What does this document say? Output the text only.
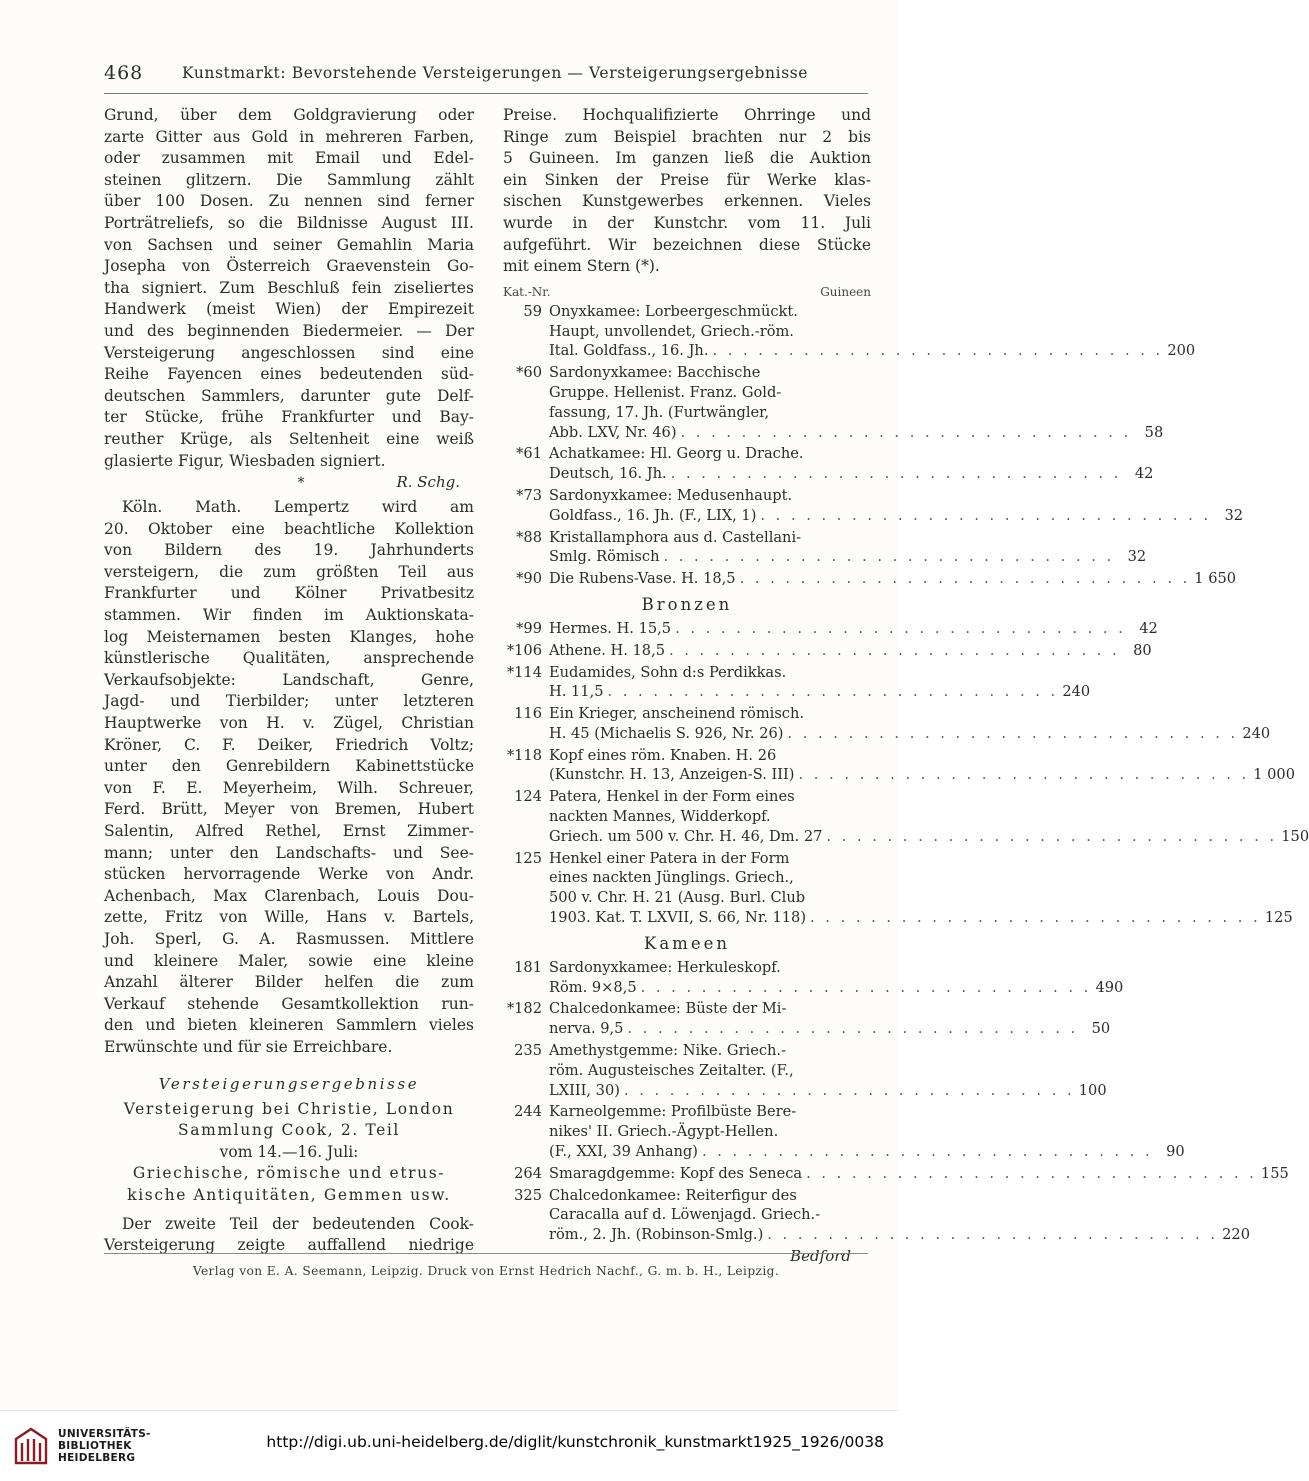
468 Kunstmarkt: Bevorstehende Versteigerungen — Versteigerungsergebnisse
Grund, über dem Goldgravierung oder
zarte Gitter aus Gold in mehreren Farben,
oder zusammen mit Email und Edel-
steinen glitzern. Die Sammlung zählt
über 100 Dosen. Zu nennen sind ferner
Porträtreliefs, so die Bildnisse August III.
von Sachsen und seiner Gemahlin Maria
Josepha von Österreich Graevenstein Go-
tha signiert. Zum Beschluß fein ziseliertes
Handwerk (meist Wien) der Empirezeit
und des beginnenden Biedermeier. — Der
Versteigerung angeschlossen sind eine
Reihe Fayencen eines bedeutenden süd-
deutschen Sammlers, darunter gute Delf-
ter Stücke, frühe Frankfurter und Bay-
reuther Krüge, als Seltenheit eine weiß
glasierte Figur, Wiesbaden signiert.
*	R. Schg.
Köln. Math. Lempertz wird am
20. Oktober eine beachtliche Kollektion
von Bildern des 19. Jahrhunderts
versteigern, die zum größten Teil aus
Frankfurter und Kölner Privatbesitz
stammen. Wir finden im Auktionskata-
log Meisternamen besten Klanges, hohe
künstlerische Qualitäten, ansprechende
Verkaufsobjekte: Landschaft, Genre,
Jagd- und Tierbilder; unter letzteren
Hauptwerke von H. v. Zügel, Christian
Kröner, C. F. Deiker, Friedrich Voltz;
unter den Genrebildern Kabinettstücke
von F. E. Meyerheim, Wilh. Schreuer,
Ferd. Brütt, Meyer von Bremen, Hubert
Salentin, Alfred Rethel, Ernst Zimmer-
mann; unter den Landschafts- und See-
stücken hervorragende Werke von Andr.
Achenbach, Max Clarenbach, Louis Dou-
zette, Fritz von Wille, Hans v. Bartels,
Joh. Sperl, G. A. Rasmussen. Mittlere
und kleinere Maler, sowie eine kleine
Anzahl älterer Bilder helfen die zum
Verkauf stehende Gesamtkollektion run-
den und bieten kleineren Sammlern vieles
Erwünschte und für sie Erreichbare.
Versteigerungsergebnisse

Versteigerung bei Christie, London

Sammlung Cook, 2. Teil

vom 14.—16. Juli:

Griechische, römische und etrus-

kische Antiquitäten, Gemmen usw.

Der zweite Teil der bedeutenden Cook-
Versteigerung zeigte auffallend niedrige
Preise. Hochqualifizierte Ohrringe und
Ringe zum Beispiel brachten nur 2 bis
5 Guineen. Im ganzen ließ die Auktion
ein Sinken der Preise für Werke klas-
sischen Kunstgewerbes erkennen. Vieles
wurde in der Kunstchr. vom 11. Juli
aufgeführt. Wir bezeichnen diese Stücke
mit einem Stern (*).
Kat.-Nr.	Guineen
59 Onyxkamee: Lorbeergeschmückt.
Haupt, unvollendet, Griech.-röm.
Ital. Goldfass., 16. Jh. . . . . . . . . . . . . . . . . . . . . . . . . . . . . . . 200
*60 Sardonyxkamee: Bacchische
Gruppe. Hellenist. Franz. Gold-
fassung, 17. Jh. (Furtwängler,
Abb. LXV, Nr. 46) . . . . . . . . . . . . . . . . . . . . . . . . . . . . . . 58
*61 Achatkamee: Hl. Georg u. Drache.
Deutsch, 16. Jh. . . . . . . . . . . . . . . . . . . . . . . . . . . . . . . 42
*73 Sardonyxkamee: Medusenhaupt.
Goldfass., 16. Jh. (F., LIX, 1) . . . . . . . . . . . . . . . . . . . . . . . . . . . . . . 32
*88 Kristallamphora aus d. Castellani-
Smlg. Römisch . . . . . . . . . . . . . . . . . . . . . . . . . . . . . . 32
*90 Die Rubens-Vase. H. 18,5 . . . . . . . . . . . . . . . . . . . . . . . . . . . . . . 1 650
Bronzen
*99 Hermes. H. 15,5 . . . . . . . . . . . . . . . . . . . . . . . . . . . . . . 42
*106 Athene. H. 18,5 . . . . . . . . . . . . . . . . . . . . . . . . . . . . . . 80
*114 Eudamides, Sohn d:s Perdikkas.
H. 11,5 . . . . . . . . . . . . . . . . . . . . . . . . . . . . . . 240
116 Ein Krieger, anscheinend römisch.
H. 45 (Michaelis S. 926, Nr. 26) . . . . . . . . . . . . . . . . . . . . . . . . . . . . . . 240
*118 Kopf eines röm. Knaben. H. 26
(Kunstchr. H. 13, Anzeigen-S. III) . . . . . . . . . . . . . . . . . . . . . . . . . . . . . . 1 000
124 Patera, Henkel in der Form eines
nackten Mannes, Widderkopf.
Griech. um 500 v. Chr. H. 46, Dm. 27 . . . . . . . . . . . . . . . . . . . . . . . . . . . . . . 150
125 Henkel einer Patera in der Form
eines nackten Jünglings. Griech.,
500 v. Chr. H. 21 (Ausg. Burl. Club
1903. Kat. T. LXVII, S. 66, Nr. 118) . . . . . . . . . . . . . . . . . . . . . . . . . . . . . . 125
Kameen
181 Sardonyxkamee: Herkuleskopf.
Röm. 9×8,5 . . . . . . . . . . . . . . . . . . . . . . . . . . . . . . 490
*182 Chalcedonkamee: Büste der Mi-
nerva. 9,5 . . . . . . . . . . . . . . . . . . . . . . . . . . . . . . 50
235 Amethystgemme: Nike. Griech.-
röm. Augusteisches Zeitalter. (F.,
LXIII, 30) . . . . . . . . . . . . . . . . . . . . . . . . . . . . . . 100
244 Karneolgemme: Profilbüste Bere-
nikes' II. Griech.-Ägypt-Hellen.
(F., XXI, 39 Anhang) . . . . . . . . . . . . . . . . . . . . . . . . . . . . . . 90
264 Smaragdgemme: Kopf des Seneca . . . . . . . . . . . . . . . . . . . . . . . . . . . . . . 155
325 Chalcedonkamee: Reiterfigur des
Caracalla auf d. Löwenjagd. Griech.-
röm., 2. Jh. (Robinson-Smlg.) . . . . . . . . . . . . . . . . . . . . . . . . . . . . . . 220
Bedford
Verlag von E. A. Seemann, Leipzig. Druck von Ernst Hedrich Nachf., G. m. b. H., Leipzig.
UNIVERSITÄTS-
BIBLIOTHEK
HEIDELBERG
http://digi.ub.uni-heidelberg.de/diglit/kunstchronik_kunstmarkt1925_1926/0038
